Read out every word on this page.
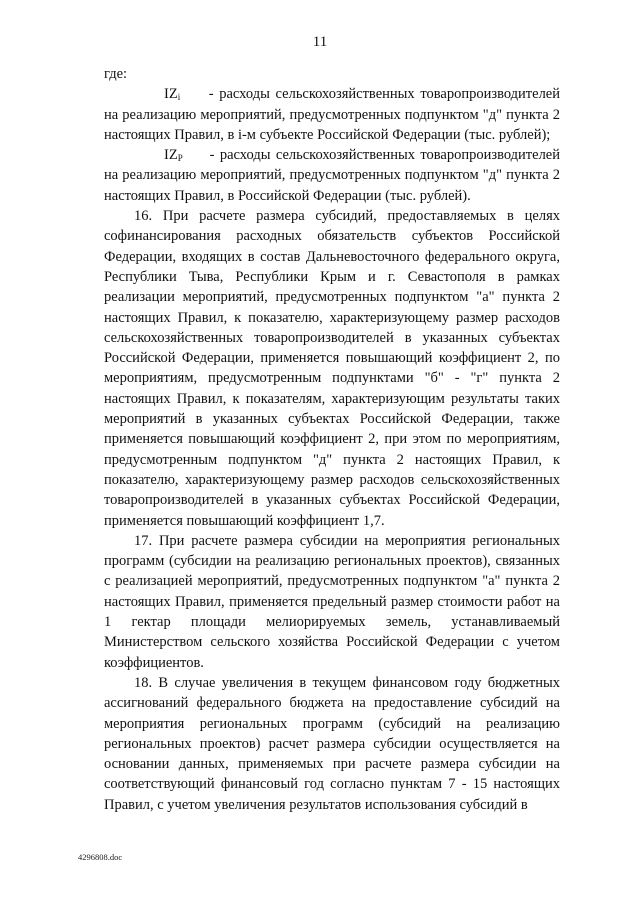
11

где:

$IZ_i$ - расходы сельскохозяйственных товаропроизводителей на реализацию мероприятий, предусмотренных подпунктом "д" пункта 2 настоящих Правил, в i-м субъекте Российской Федерации (тыс. рублей);

$IZ_P$ - расходы сельскохозяйственных товаропроизводителей на реализацию мероприятий, предусмотренных подпунктом "д" пункта 2 настоящих Правил, в Российской Федерации (тыс. рублей).

16. При расчете размера субсидий, предоставляемых в целях софинансирования расходных обязательств субъектов Российской Федерации, входящих в состав Дальневосточного федерального округа, Республики Тыва, Республики Крым и г. Севастополя в рамках реализации мероприятий, предусмотренных подпунктом "а" пункта 2 настоящих Правил, к показателю, характеризующему размер расходов сельскохозяйственных товаропроизводителей в указанных субъектах Российской Федерации, применяется повышающий коэффициент 2, по мероприятиям, предусмотренным подпунктами "б" - "г" пункта 2 настоящих Правил, к показателям, характеризующим результаты таких мероприятий в указанных субъектах Российской Федерации, также применяется повышающий коэффициент 2, при этом по мероприятиям, предусмотренным подпунктом "д" пункта 2 настоящих Правил, к показателю, характеризующему размер расходов сельскохозяйственных товаропроизводителей в указанных субъектах Российской Федерации, применяется повышающий коэффициент 1,7.

17. При расчете размера субсидии на мероприятия региональных программ (субсидии на реализацию региональных проектов), связанных с реализацией мероприятий, предусмотренных подпунктом "а" пункта 2 настоящих Правил, применяется предельный размер стоимости работ на 1 гектар площади мелиорируемых земель, устанавливаемый Министерством сельского хозяйства Российской Федерации с учетом коэффициентов.

18. В случае увеличения в текущем финансовом году бюджетных ассигнований федерального бюджета на предоставление субсидий на мероприятия региональных программ (субсидий на реализацию региональных проектов) расчет размера субсидии осуществляется на основании данных, применяемых при расчете размера субсидии на соответствующий финансовый год согласно пунктам 7 - 15 настоящих Правил, с учетом увеличения результатов использования субсидий в

4296808.doc
